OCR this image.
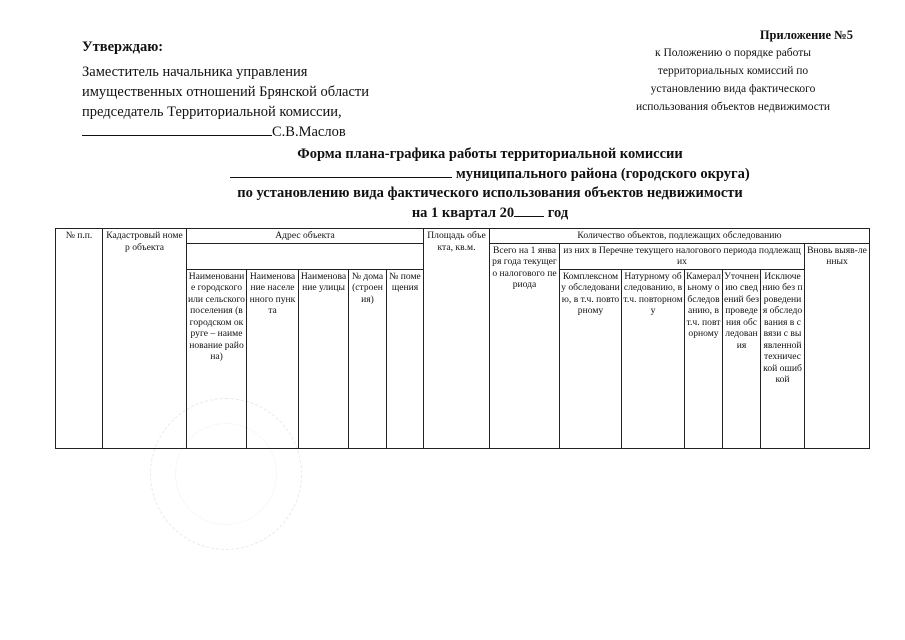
Утверждаю:
Заместитель начальника управления
имущественных отношений Брянской области
председатель Территориальной комиссии,
С.В.Маслов
Приложение №5
к Положению о порядке работы
территориальных комиссий по
установлению вида фактического
использования объектов недвижимости
Форма плана-графика работы территориальной комиссии
муниципального района (городского округа)
по установлению вида фактического использования объектов недвижимости
на 1 квартал 20 год
№ п.п.	Кадастровый номер объекта	Адрес объекта					Площадь объекта, кв.м.	Количество объектов, подлежащих обследованию						
								Всего на 1 января года текущего налогового периода	из них в Перечне текущего налогового периода подлежащих					Вновь выяв-ленных
		Наименование городского или сельского поселения (в городском округе – наименование района)	Наименование населенного пункта	Наименование улицы	№ дома (строения)	№ помещения			Комплексному обследованию, в т.ч. повторному	Натурному обследованию, в т.ч. повторному	Камеральному обследованию, в т.ч. повторному	Уточнению сведений без проведения обследования	Исключению без проведения обследования в связи с выявленной технической ошибкой	
